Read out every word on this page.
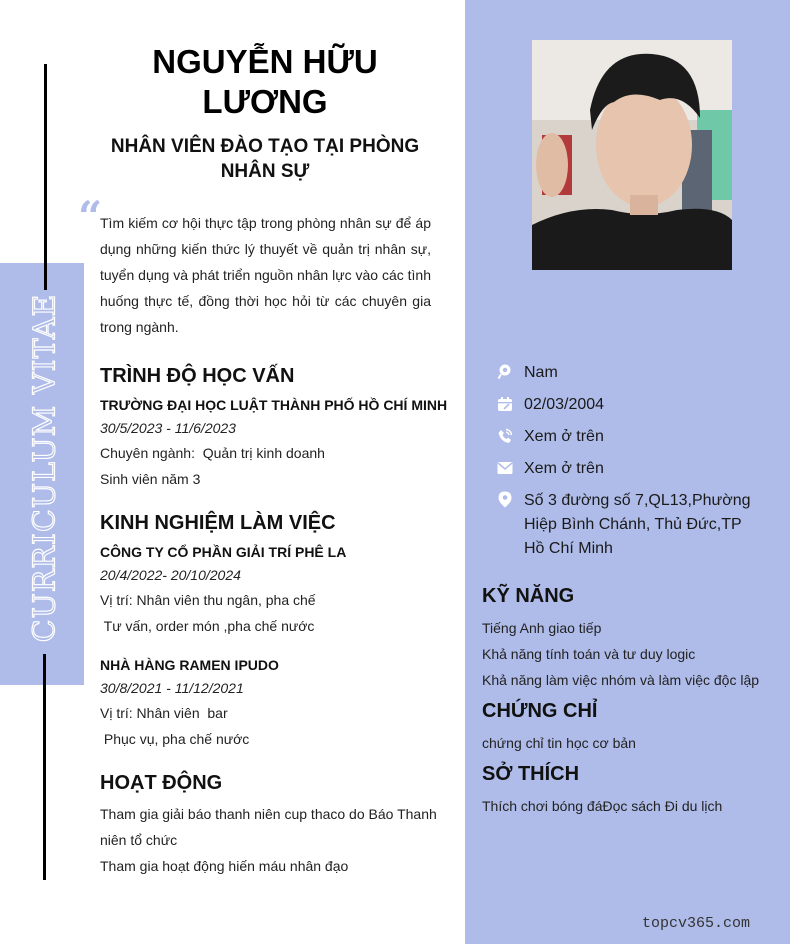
CURRICULUM VITAE
NGUYỄN HỮU LƯƠNG
NHÂN VIÊN ĐÀO TẠO TẠI PHÒNG NHÂN SỰ
“
Tìm kiếm cơ hội thực tập trong phòng nhân sự để áp dụng những kiến thức lý thuyết về quản trị nhân sự, tuyển dụng và phát triển nguồn nhân lực vào các tình huống thực tế, đồng thời học hỏi từ các chuyên gia trong ngành.
TRÌNH ĐỘ HỌC VẤN
TRƯỜNG ĐẠI HỌC LUẬT THÀNH PHỐ HỒ CHÍ MINH
30/5/2023 - 11/6/2023
Chuyên ngành:  Quản trị kinh doanh
Sinh viên năm 3
KINH NGHIỆM LÀM VIỆC
CÔNG TY CỔ PHẦN GIẢI TRÍ PHÊ LA
20/4/2022- 20/10/2024
Vị trí: Nhân viên thu ngân, pha chế
Tư vấn, order món ,pha chế nước
NHÀ HÀNG RAMEN IPUDO
30/8/2021 - 11/12/2021
Vị trí: Nhân viên  bar
Phục vụ, pha chế nước
HOẠT ĐỘNG
Tham gia giải báo thanh niên cup thaco do Báo Thanh niên tổ chức
Tham gia hoạt động hiến máu nhân đạo
Nam
02/03/2004
Xem ở trên
Xem ở trên
Số 3 đường số 7,QL13,Phường Hiệp Bình Chánh, Thủ Đức,TP Hồ Chí Minh
KỸ NĂNG
Tiếng Anh giao tiếp
Khả năng tính toán và tư duy logic
Khả năng làm việc nhóm và làm việc độc lập
CHỨNG CHỈ
chứng chỉ tin học cơ bản
SỞ THÍCH
Thích chơi bóng đáĐọc sách Đi du lịch
topcv365.com
